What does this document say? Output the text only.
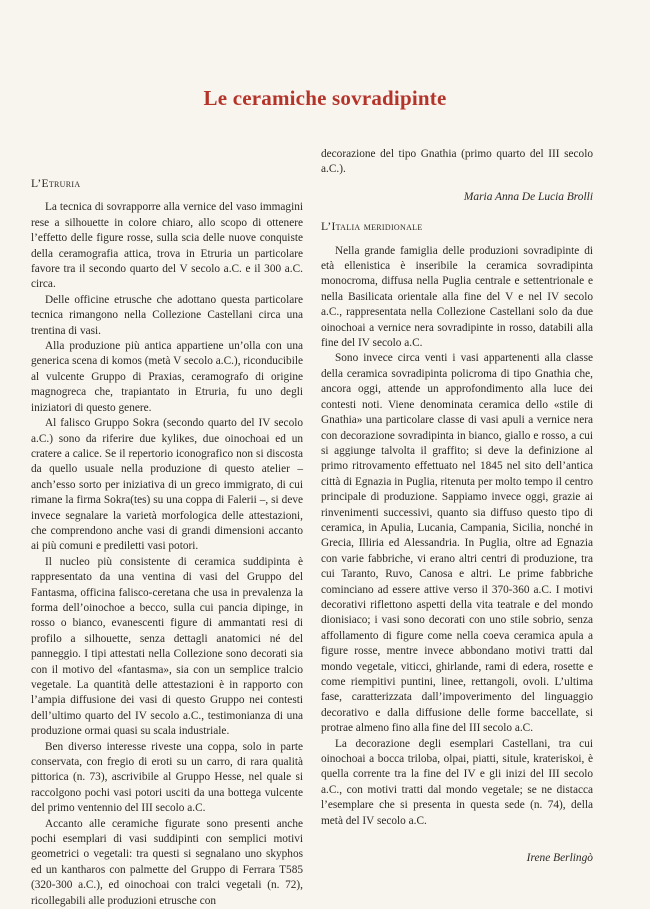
Le ceramiche sovradipinte
L’Etruria

La tecnica di sovrapporre alla vernice del vaso immagini rese a silhouette in colore chiaro, allo scopo di ottenere l’effetto delle figure rosse, sulla scia delle nuove conquiste della ceramografia attica, trova in Etruria un particolare favore tra il secondo quarto del V secolo a.C. e il 300 a.C. circa.

Delle officine etrusche che adottano questa particolare tecnica rimangono nella Collezione Castellani circa una trentina di vasi.

Alla produzione più antica appartiene un’olla con una generica scena di komos (metà V secolo a.C.), riconducibile al vulcente Gruppo di Praxias, ceramografo di origine magnogreca che, trapiantato in Etruria, fu uno degli iniziatori di questo genere.

Al falisco Gruppo Sokra (secondo quarto del IV secolo a.C.) sono da riferire due kylikes, due oinochoai ed un cratere a calice. Se il repertorio iconografico non si discosta da quello usuale nella produzione di questo atelier – anch’esso sorto per iniziativa di un greco immigrato, di cui rimane la firma Sokra(tes) su una coppa di Falerii –, si deve invece segnalare la varietà morfologica delle attestazioni, che comprendono anche vasi di grandi dimensioni accanto ai più comuni e prediletti vasi potori.

Il nucleo più consistente di ceramica suddipinta è rappresentato da una ventina di vasi del Gruppo del Fantasma, officina falisco-ceretana che usa in prevalenza la forma dell’oinochoe a becco, sulla cui pancia dipinge, in rosso o bianco, evanescenti figure di ammantati resi di profilo a silhouette, senza dettagli anatomici né del panneggio. I tipi attestati nella Collezione sono decorati sia con il motivo del «fantasma», sia con un semplice tralcio vegetale. La quantità delle attestazioni è in rapporto con l’ampia diffusione dei vasi di questo Gruppo nei contesti dell’ultimo quarto del IV secolo a.C., testimonianza di una produzione ormai quasi su scala industriale.

Ben diverso interesse riveste una coppa, solo in parte conservata, con fregio di eroti su un carro, di rara qualità pittorica (n. 73), ascrivibile al Gruppo Hesse, nel quale si raccolgono pochi vasi potori usciti da una bottega vulcente del primo ventennio del III secolo a.C.

Accanto alle ceramiche figurate sono presenti anche pochi esemplari di vasi suddipinti con semplici motivi geometrici o vegetali: tra questi si segnalano uno skyphos ed un kantharos con palmette del Gruppo di Ferrara T585 (320-300 a.C.), ed oinochoai con tralci vegetali (n. 72), ricollegabili alle produzioni etrusche con

decorazione del tipo Gnathia (primo quarto del III secolo a.C.).

Maria Anna De Lucia Brolli
L’Italia meridionale

Nella grande famiglia delle produzioni sovradipinte di età ellenistica è inseribile la ceramica sovradipinta monocroma, diffusa nella Puglia centrale e settentrionale e nella Basilicata orientale alla fine del V e nel IV secolo a.C., rappresentata nella Collezione Castellani solo da due oinochoai a vernice nera sovradipinte in rosso, databili alla fine del IV secolo a.C.

Sono invece circa venti i vasi appartenenti alla classe della ceramica sovradipinta policroma di tipo Gnathia che, ancora oggi, attende un approfondimento alla luce dei contesti noti. Viene denominata ceramica dello «stile di Gnathia» una particolare classe di vasi apuli a vernice nera con decorazione sovradipinta in bianco, giallo e rosso, a cui si aggiunge talvolta il graffito; si deve la definizione al primo ritrovamento effettuato nel 1845 nel sito dell’antica città di Egnazia in Puglia, ritenuta per molto tempo il centro principale di produzione. Sappiamo invece oggi, grazie ai rinvenimenti successivi, quanto sia diffuso questo tipo di ceramica, in Apulia, Lucania, Campania, Sicilia, nonché in Grecia, Illiria ed Alessandria. In Puglia, oltre ad Egnazia con varie fabbriche, vi erano altri centri di produzione, tra cui Taranto, Ruvo, Canosa e altri. Le prime fabbriche cominciano ad essere attive verso il 370-360 a.C. I motivi decorativi riflettono aspetti della vita teatrale e del mondo dionisiaco; i vasi sono decorati con uno stile sobrio, senza affollamento di figure come nella coeva ceramica apula a figure rosse, mentre invece abbondano motivi tratti dal mondo vegetale, viticci, ghirlande, rami di edera, rosette e come riempitivi puntini, linee, rettangoli, ovoli. L’ultima fase, caratterizzata dall’impoverimento del linguaggio decorativo e dalla diffusione delle forme baccellate, si protrae almeno fino alla fine del III secolo a.C.

La decorazione degli esemplari Castellani, tra cui oinochoai a bocca triloba, olpai, piatti, situle, krateriskoi, è quella corrente tra la fine del IV e gli inizi del III secolo a.C., con motivi tratti dal mondo vegetale; se ne distacca l’esemplare che si presenta in questa sede (n. 74), della metà del IV secolo a.C.

Irene Berlingò
